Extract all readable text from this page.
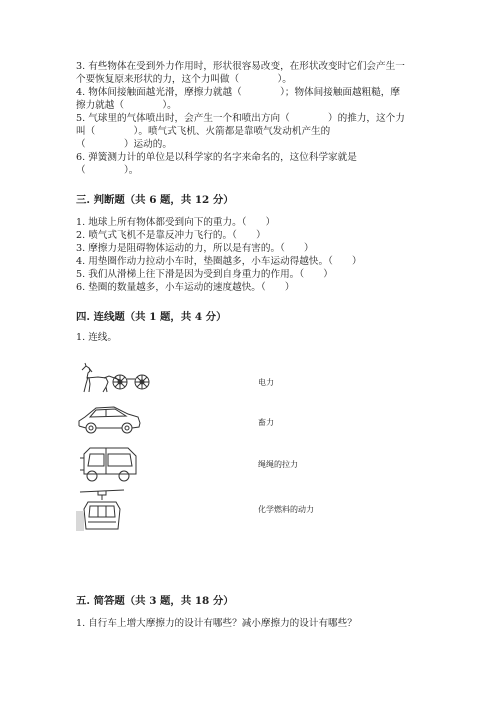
3. 有些物体在受到外力作用时，形状很容易改变，在形状改变时它们会产生一
个要恢复原来形状的力，这个力叫做（　　　　）。
4. 物体间接触面越光滑，摩擦力就越（　　　　）；物体间接触面越粗糙，摩
擦力就越（　　　　）。
5. 气球里的气体喷出时，会产生一个和喷出方向（　　　　）的推力，这个力
叫（　　　　）。喷气式飞机、火箭都是靠喷气发动机产生的
（　　　　）运动的。
6. 弹簧测力计的单位是以科学家的名字来命名的，这位科学家就是
（　　　　）。
三. 判断题（共 6 题，共 12 分）
1. 地球上所有物体都受到向下的重力。（　　）
2. 喷气式飞机不是靠反冲力飞行的。（　　）
3. 摩擦力是阻碍物体运动的力，所以是有害的。（　　）
4. 用垫圈作动力拉动小车时，垫圈越多，小车运动得越快。（　　）
5. 我们从滑梯上往下滑是因为受到自身重力的作用。（　　）
6. 垫圈的数量越多，小车运动的速度越快。（　　）
四. 连线题（共 1 题，共 4 分）
1. 连线。
电力
畜力
绳绳的拉力
化学燃料的动力
五. 简答题（共 3 题，共 18 分）
1. 自行车上增大摩擦力的设计有哪些？减小摩擦力的设计有哪些？
